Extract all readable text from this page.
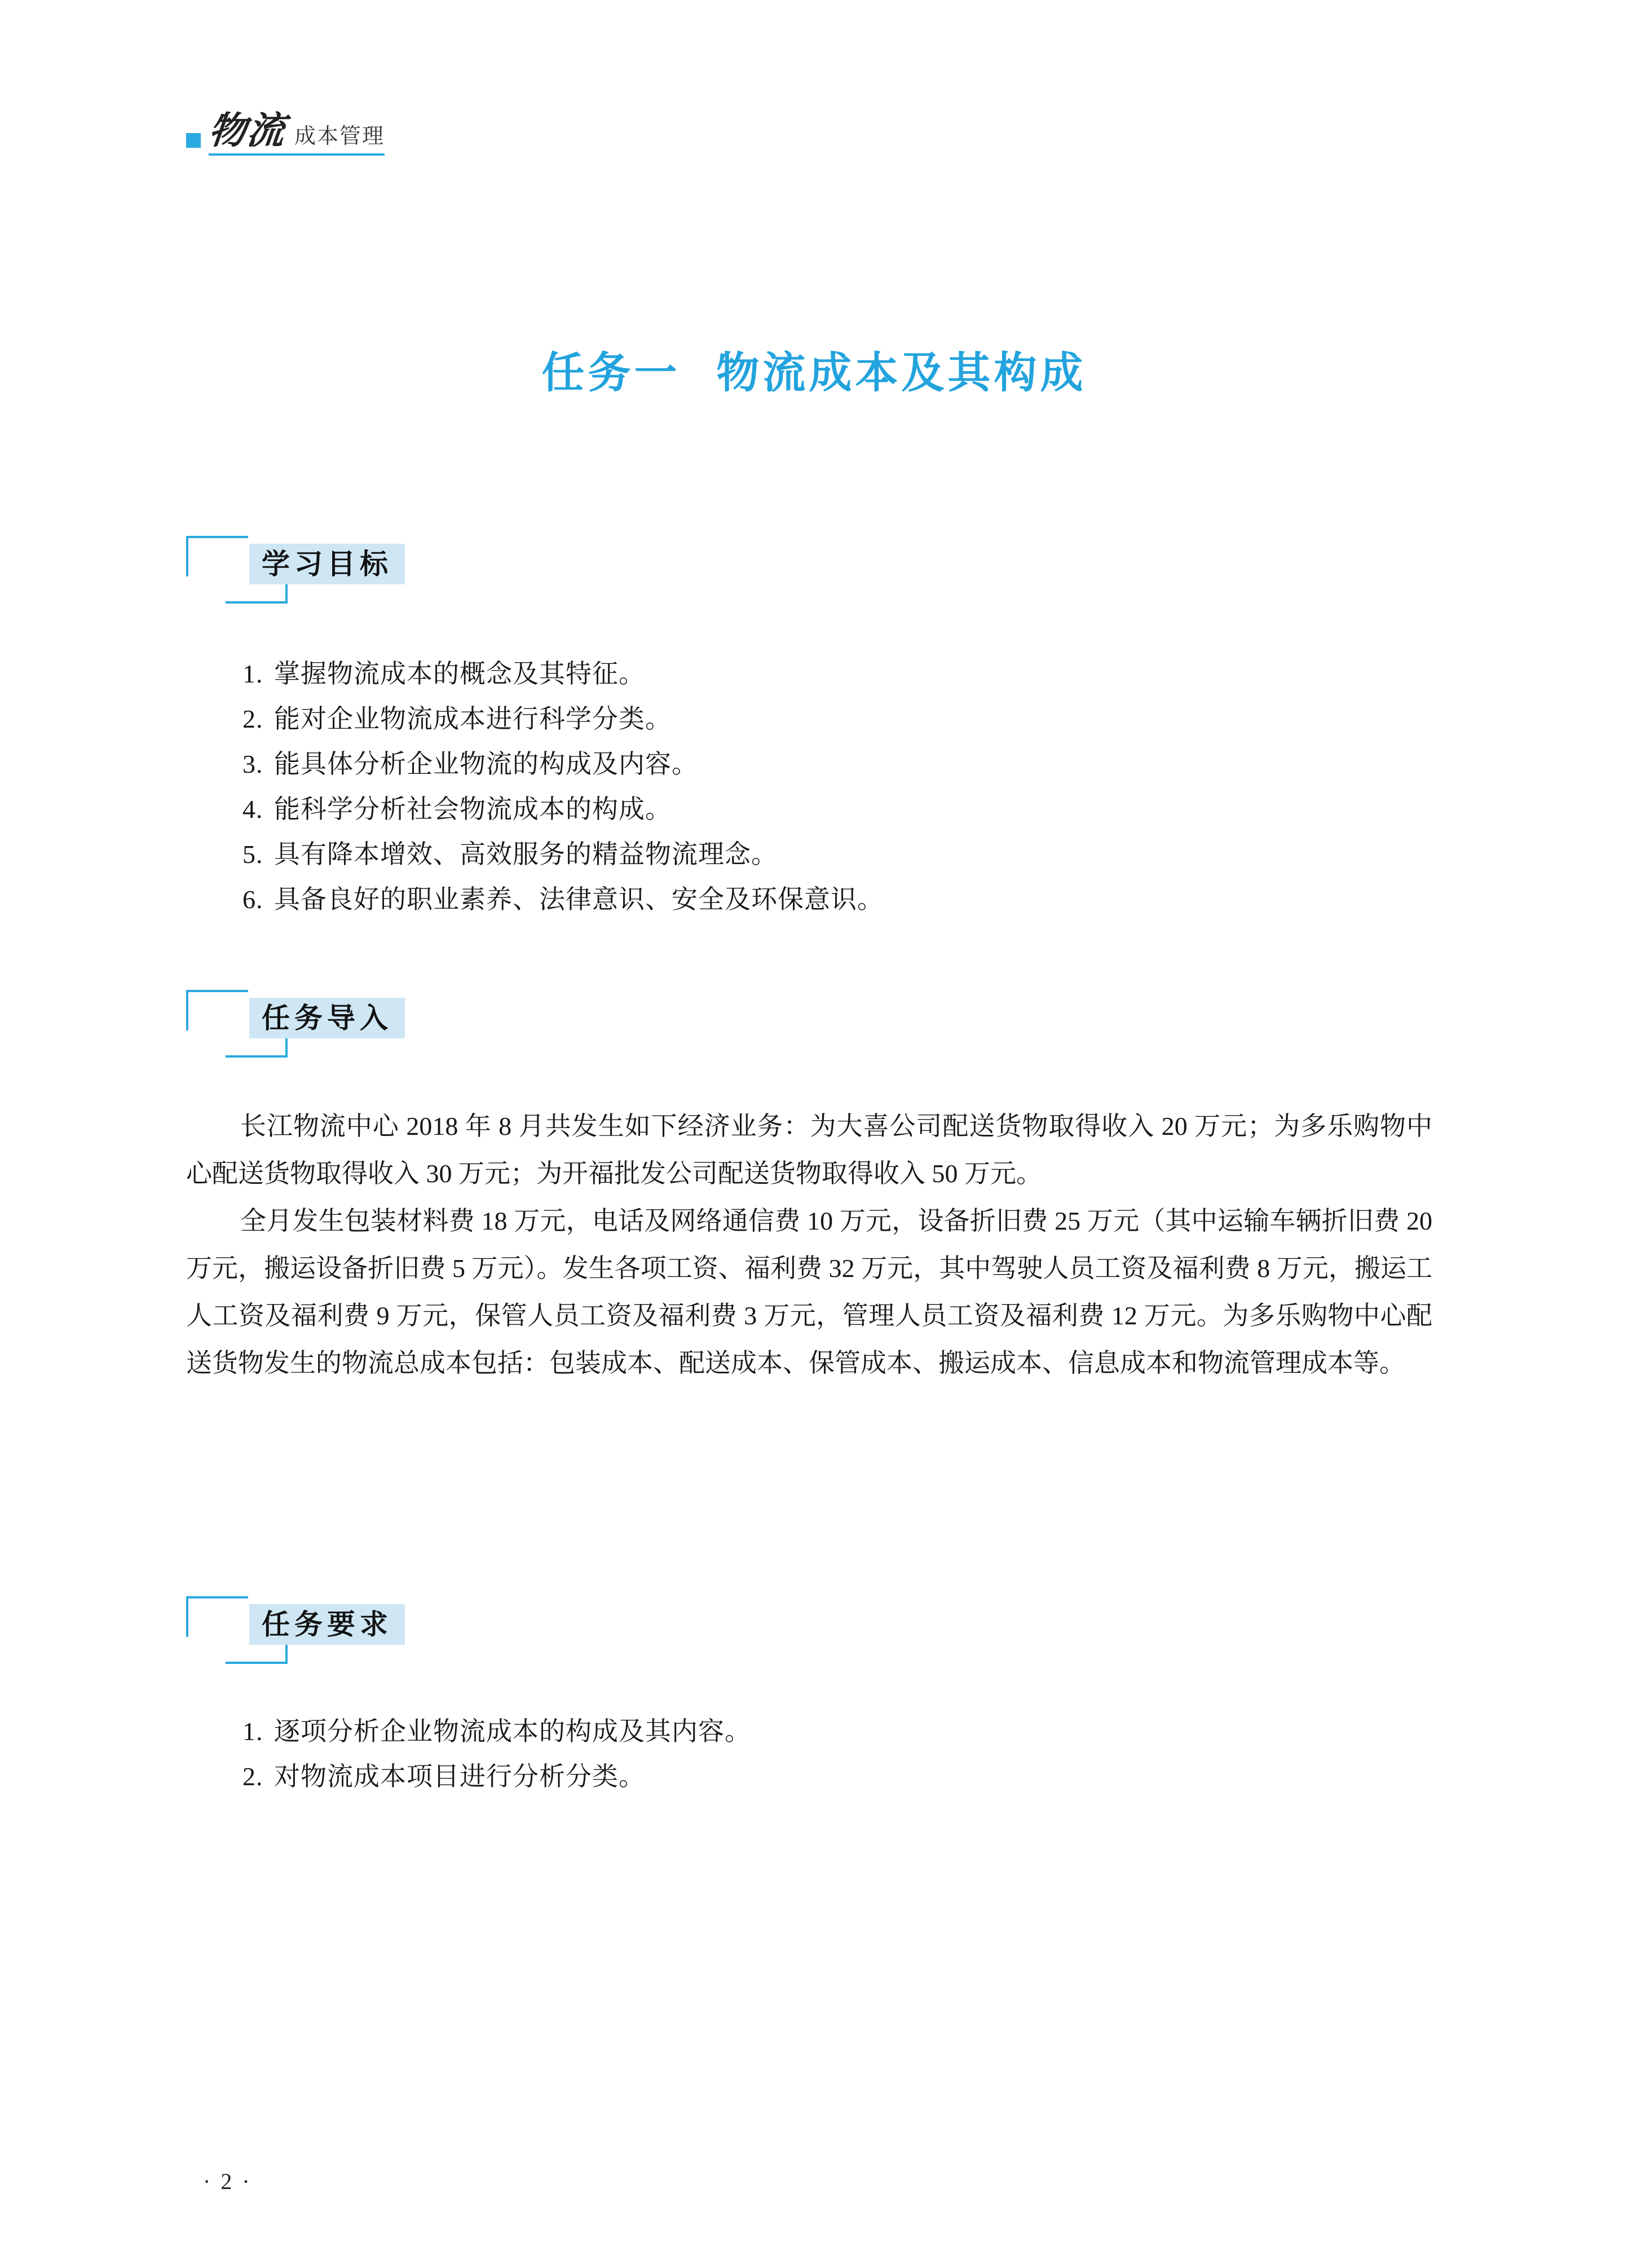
物流 成本管理
任务一 物流成本及其构成
学习目标
1. 掌握物流成本的概念及其特征。
2. 能对企业物流成本进行科学分类。
3. 能具体分析企业物流的构成及内容。
4. 能科学分析社会物流成本的构成。
5. 具有降本增效、高效服务的精益物流理念。
6. 具备良好的职业素养、法律意识、安全及环保意识。
任务导入

长江物流中心 2018 年 8 月共发生如下经济业务：为大喜公司配送货物取得收入 20 万元；为多乐购物中心配送货物取得收入 30 万元；为开福批发公司配送货物取得收入 50 万元。

全月发生包装材料费 18 万元，电话及网络通信费 10 万元，设备折旧费 25 万元（其中运输车辆折旧费 20 万元，搬运设备折旧费 5 万元）。发生各项工资、福利费 32 万元，其中驾驶人员工资及福利费 8 万元，搬运工人工资及福利费 9 万元，保管人员工资及福利费 3 万元，管理人员工资及福利费 12 万元。为多乐购物中心配送货物发生的物流总成本包括：包装成本、配送成本、保管成本、搬运成本、信息成本和物流管理成本等。

任务要求
1. 逐项分析企业物流成本的构成及其内容。
2. 对物流成本项目进行分析分类。
· 2 ·
